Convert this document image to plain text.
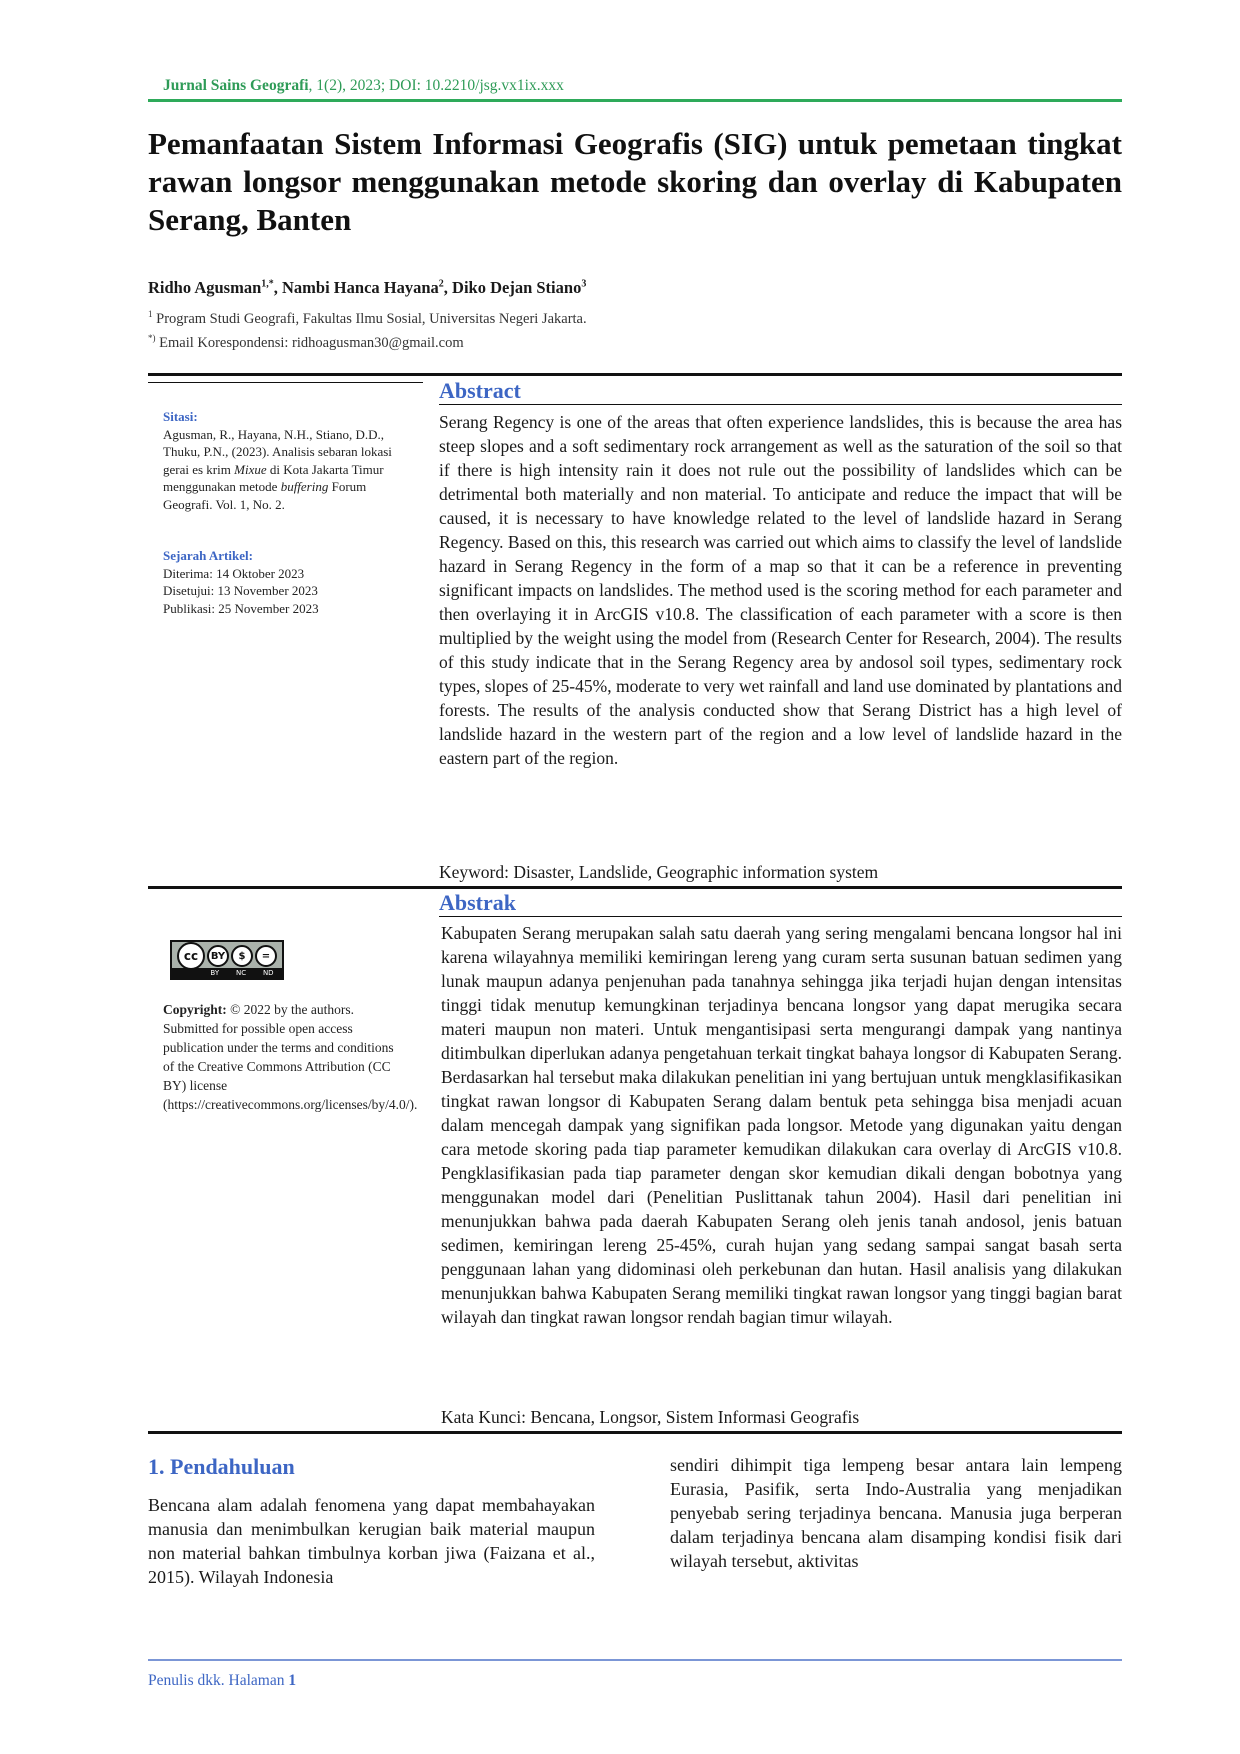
Jurnal Sains Geografi, 1(2), 2023; DOI: 10.2210/jsg.vx1ix.xxx
Pemanfaatan Sistem Informasi Geografis (SIG) untuk pemetaan tingkat rawan longsor menggunakan metode skoring dan overlay di Kabupaten Serang, Banten
Ridho Agusman$^{1,*}$, Nambi Hanca Hayana$^2$, Diko Dejan Stiano$^3$
$^1$ Program Studi Geografi, Fakultas Ilmu Sosial, Universitas Negeri Jakarta.
*) Email Korespondensi: ridhoagusman30@gmail.com
Abstract
Sitasi:
Agusman, R., Hayana, N.H., Stiano, D.D., Thuku, P.N., (2023). Analisis sebaran lokasi gerai es krim Mixue di Kota Jakarta Timur menggunakan metode buffering Forum Geografi. Vol. 1, No. 2.
Sejarah Artikel:
Diterima: 14 Oktober 2023
Disetujui: 13 November 2023
Publikasi: 25 November 2023
Serang Regency is one of the areas that often experience landslides, this is because the area has steep slopes and a soft sedimentary rock arrangement as well as the saturation of the soil so that if there is high intensity rain it does not rule out the possibility of landslides which can be detrimental both materially and non material. To anticipate and reduce the impact that will be caused, it is necessary to have knowledge related to the level of landslide hazard in Serang Regency. Based on this, this research was carried out which aims to classify the level of landslide hazard in Serang Regency in the form of a map so that it can be a reference in preventing significant impacts on landslides. The method used is the scoring method for each parameter and then overlaying it in ArcGIS v10.8. The classification of each parameter with a score is then multiplied by the weight using the model from (Research Center for Research, 2004). The results of this study indicate that in the Serang Regency area by andosol soil types, sedimentary rock types, slopes of 25-45%, moderate to very wet rainfall and land use dominated by plantations and forests. The results of the analysis conducted show that Serang District has a high level of landslide hazard in the western part of the region and a low level of landslide hazard in the eastern part of the region.
Keyword: Disaster, Landslide, Geographic information system
Abstrak
cc	BY	$	=
BY NC ND
Copyright: © 2022 by the authors. Submitted for possible open access publication under the terms and conditions of the Creative Commons Attribution (CC BY) license (https://creativecommons.org/licenses/by/4.0/).
Kabupaten Serang merupakan salah satu daerah yang sering mengalami bencana longsor hal ini karena wilayahnya memiliki kemiringan lereng yang curam serta susunan batuan sedimen yang lunak maupun adanya penjenuhan pada tanahnya sehingga jika terjadi hujan dengan intensitas tinggi tidak menutup kemungkinan terjadinya bencana longsor yang dapat merugika secara materi maupun non materi. Untuk mengantisipasi serta mengurangi dampak yang nantinya ditimbulkan diperlukan adanya pengetahuan terkait tingkat bahaya longsor di Kabupaten Serang. Berdasarkan hal tersebut maka dilakukan penelitian ini yang bertujuan untuk mengklasifikasikan tingkat rawan longsor di Kabupaten Serang dalam bentuk peta sehingga bisa menjadi acuan dalam mencegah dampak yang signifikan pada longsor. Metode yang digunakan yaitu dengan cara metode skoring pada tiap parameter kemudikan dilakukan cara overlay di ArcGIS v10.8. Pengklasifikasian pada tiap parameter dengan skor kemudian dikali dengan bobotnya yang menggunakan model dari (Penelitian Puslittanak tahun 2004). Hasil dari penelitian ini menunjukkan bahwa pada daerah Kabupaten Serang oleh jenis tanah andosol, jenis batuan sedimen, kemiringan lereng 25-45%, curah hujan yang sedang sampai sangat basah serta penggunaan lahan yang didominasi oleh perkebunan dan hutan. Hasil analisis yang dilakukan menunjukkan bahwa Kabupaten Serang memiliki tingkat rawan longsor yang tinggi bagian barat wilayah dan tingkat rawan longsor rendah bagian timur wilayah.
Kata Kunci: Bencana, Longsor, Sistem Informasi Geografis
1. Pendahuluan
Bencana alam adalah fenomena yang dapat membahayakan manusia dan menimbulkan kerugian baik material maupun non material bahkan timbulnya korban jiwa (Faizana et al., 2015). Wilayah Indonesia
sendiri dihimpit tiga lempeng besar antara lain lempeng Eurasia, Pasifik, serta Indo-Australia yang menjadikan penyebab sering terjadinya bencana. Manusia juga berperan dalam terjadinya bencana alam disamping kondisi fisik dari wilayah tersebut, aktivitas
Penulis dkk. Halaman 1
